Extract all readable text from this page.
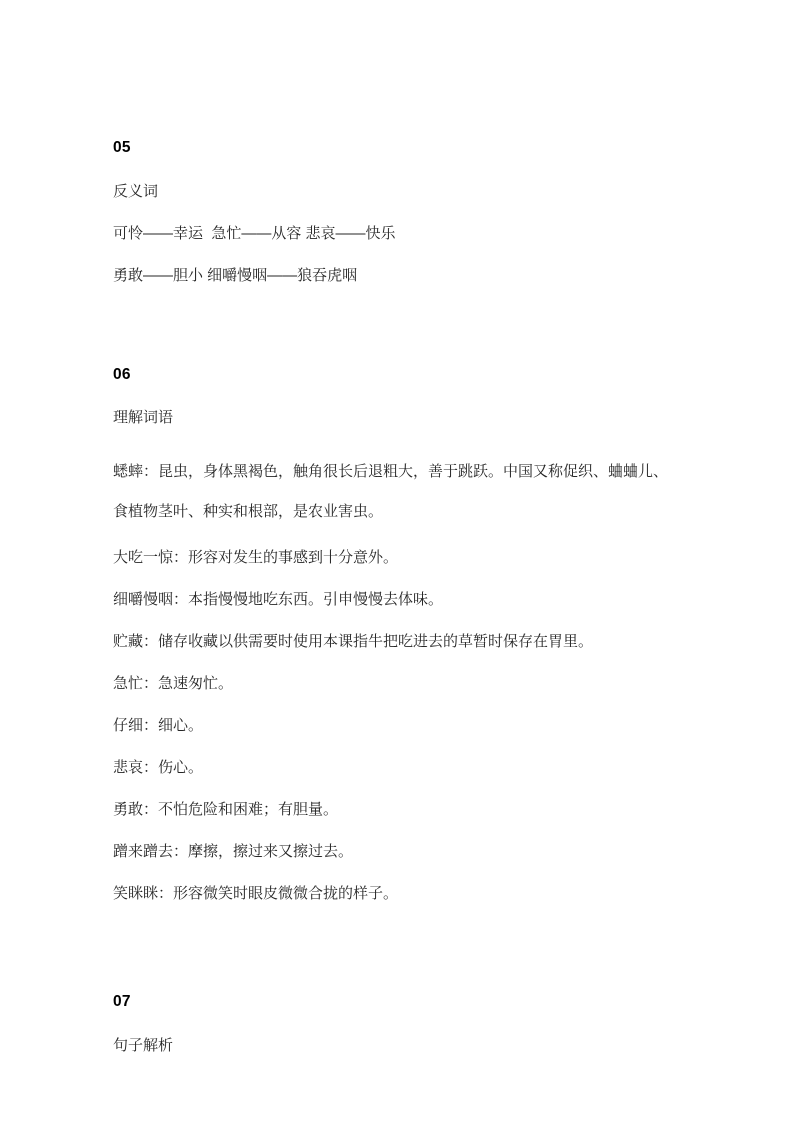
05
反义词
可怜——幸运  急忙——从容 悲哀——快乐
勇敢——胆小 细嚼慢咽——狼吞虎咽
06
理解词语
蟋蟀：昆虫，身体黑褐色，触角很长后退粗大，善于跳跃。中国又称促织、蛐蛐儿、食植物茎叶、种实和根部，是农业害虫。
大吃一惊：形容对发生的事感到十分意外。
细嚼慢咽：本指慢慢地吃东西。引申慢慢去体味。
贮藏：储存收藏以供需要时使用本课指牛把吃进去的草暂时保存在胃里。
急忙：急速匆忙。
仔细：细心。
悲哀：伤心。
勇敢：不怕危险和困难；有胆量。
蹭来蹭去：摩擦，擦过来又擦过去。
笑眯眯：形容微笑时眼皮微微合拢的样子。
07
句子解析
